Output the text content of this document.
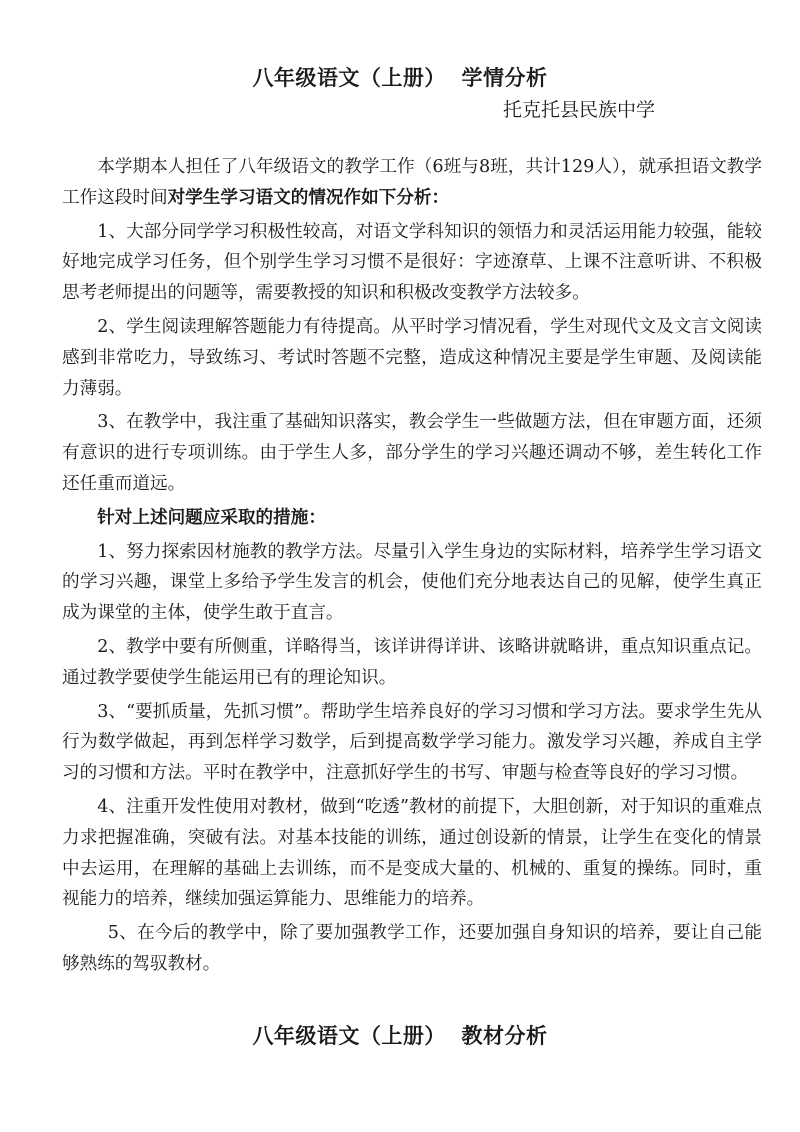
八年级语文（上册）  学情分析
托克托县民族中学

本学期本人担任了八年级语文的教学工作（6班与8班，共计129人），就承担语文教学工作这段时间对学生学习语文的情况作如下分析：

1、大部分同学学习积极性较高，对语文学科知识的领悟力和灵活运用能力较强，能较好地完成学习任务，但个别学生学习习惯不是很好：字迹潦草、上课不注意听讲、不积极思考老师提出的问题等，需要教授的知识和积极改变教学方法较多。

2、学生阅读理解答题能力有待提高。从平时学习情况看，学生对现代文及文言文阅读感到非常吃力，导致练习、考试时答题不完整，造成这种情况主要是学生审题、及阅读能力薄弱。

3、在教学中，我注重了基础知识落实，教会学生一些做题方法，但在审题方面，还须有意识的进行专项训练。由于学生人多，部分学生的学习兴趣还调动不够，差生转化工作还任重而道远。

针对上述问题应采取的措施：

1、努力探索因材施教的教学方法。尽量引入学生身边的实际材料，培养学生学习语文的学习兴趣，课堂上多给予学生发言的机会，使他们充分地表达自己的见解，使学生真正成为课堂的主体，使学生敢于直言。

2、教学中要有所侧重，详略得当，该详讲得详讲、该略讲就略讲，重点知识重点记。通过教学要使学生能运用已有的理论知识。

3、“要抓质量，先抓习惯”。帮助学生培养良好的学习习惯和学习方法。要求学生先从行为数学做起，再到怎样学习数学，后到提高数学学习能力。激发学习兴趣，养成自主学习的习惯和方法。平时在教学中，注意抓好学生的书写、审题与检查等良好的学习习惯。

4、注重开发性使用对教材，做到“吃透”教材的前提下，大胆创新，对于知识的重难点力求把握准确，突破有法。对基本技能的训练，通过创设新的情景，让学生在变化的情景中去运用，在理解的基础上去训练，而不是变成大量的、机械的、重复的操练。同时，重视能力的培养，继续加强运算能力、思维能力的培养。

5、在今后的教学中，除了要加强教学工作，还要加强自身知识的培养，要让自己能够熟练的驾驭教材。

八年级语文（上册）  教材分析
